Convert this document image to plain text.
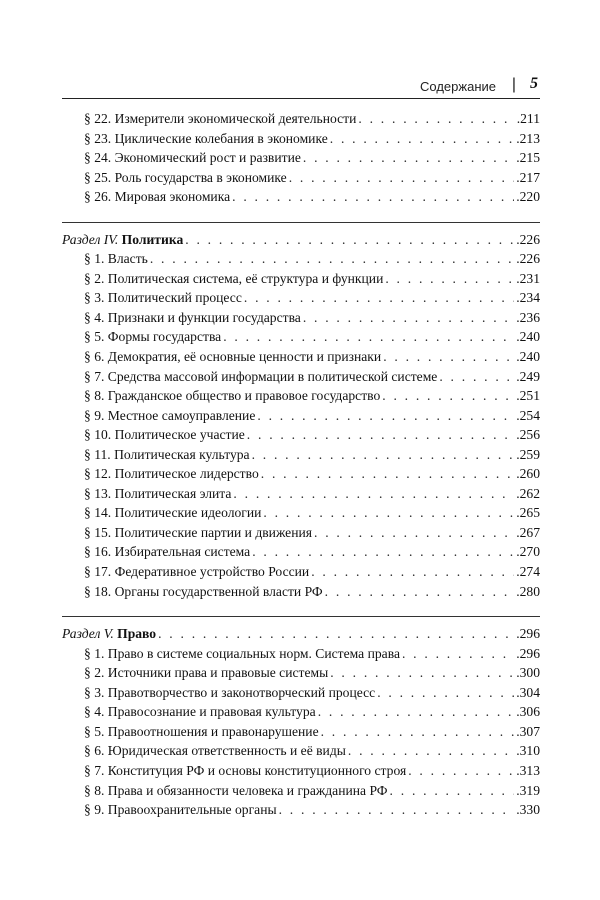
Содержание | 5
§ 22. Измерители экономической деятельности . . .	.211
§ 23. Циклические колебания в экономике . . .	.213
§ 24. Экономический рост и развитие . . .	.215
§ 25. Роль государства в экономике . . .	.217
§ 26. Мировая экономика . . .	.220
Раздел IV. Политика . . .	.226
§ 1. Власть . . .	.226
§ 2. Политическая система, её структура и функции . . .	.231
§ 3. Политический процесс . . .	.234
§ 4. Признаки и функции государства . . .	.236
§ 5. Формы государства . . .	.240
§ 6. Демократия, её основные ценности и признаки . . .	.240
§ 7. Средства массовой информации в политической системе . . .	.249
§ 8. Гражданское общество и правовое государство . . .	.251
§ 9. Местное самоуправление . . .	.254
§ 10. Политическое участие . . .	.256
§ 11. Политическая культура . . .	.259
§ 12. Политическое лидерство . . .	.260
§ 13. Политическая элита . . .	.262
§ 14. Политические идеологии . . .	.265
§ 15. Политические партии и движения . . .	.267
§ 16. Избирательная система . . .	.270
§ 17. Федеративное устройство России . . .	.274
§ 18. Органы государственной власти РФ . . .	.280
Раздел V. Право . . .	.296
§ 1. Право в системе социальных норм. Система права . . .	.296
§ 2. Источники права и правовые системы . . .	.300
§ 3. Правотворчество и законотворческий процесс . . .	.304
§ 4. Правосознание и правовая культура . . .	.306
§ 5. Правоотношения и правонарушение . . .	.307
§ 6. Юридическая ответственность и её виды . . .	.310
§ 7. Конституция РФ и основы конституционного строя . . .	.313
§ 8. Права и обязанности человека и гражданина РФ . . .	.319
§ 9. Правоохранительные органы . . .	.330
